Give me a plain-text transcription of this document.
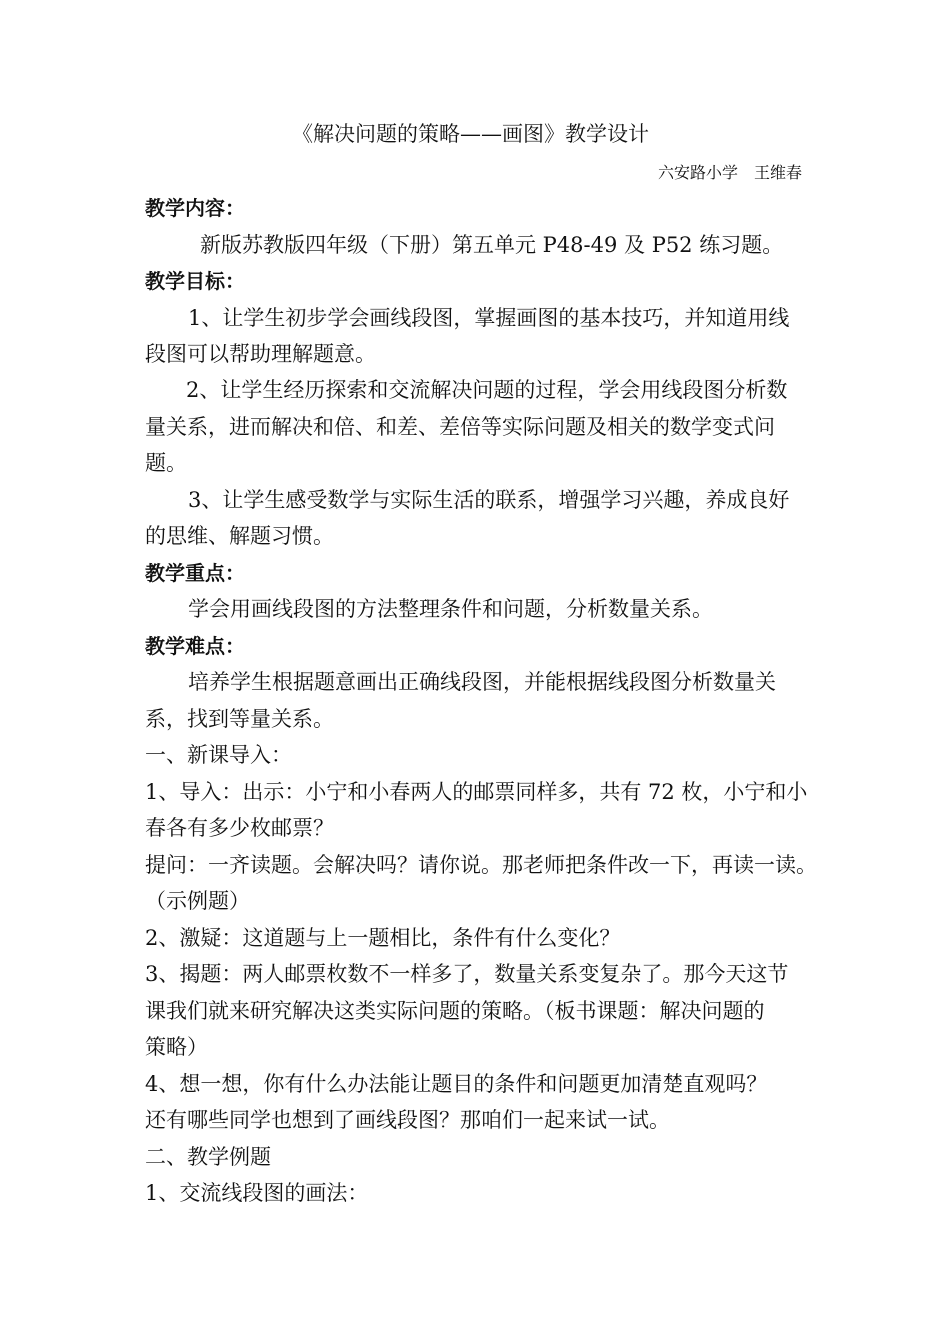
《解决问题的策略——画图》教学设计
六安路小学　王维春
教学内容：
新版苏教版四年级（下册）第五单元 P48-49 及 P52 练习题。
教学目标：
1、让学生初步学会画线段图，掌握画图的基本技巧，并知道用线
段图可以帮助理解题意。
2、让学生经历探索和交流解决问题的过程，学会用线段图分析数
量关系，进而解决和倍、和差、差倍等实际问题及相关的数学变式问
题。
3、让学生感受数学与实际生活的联系，增强学习兴趣，养成良好
的思维、解题习惯。
教学重点：
学会用画线段图的方法整理条件和问题，分析数量关系。
教学难点：
培养学生根据题意画出正确线段图，并能根据线段图分析数量关
系，找到等量关系。
一、新课导入：
1、导入：出示：小宁和小春两人的邮票同样多，共有 72 枚，小宁和小
春各有多少枚邮票？
提问：一齐读题。会解决吗？请你说。那老师把条件改一下，再读一读。
（示例题）
2、激疑：这道题与上一题相比，条件有什么变化？
3、揭题：两人邮票枚数不一样多了，数量关系变复杂了。那今天这节
课我们就来研究解决这类实际问题的策略。（板书课题：解决问题的
策略）
4、想一想，你有什么办法能让题目的条件和问题更加清楚直观吗？
还有哪些同学也想到了画线段图？那咱们一起来试一试。
二、教学例题
1、交流线段图的画法：
